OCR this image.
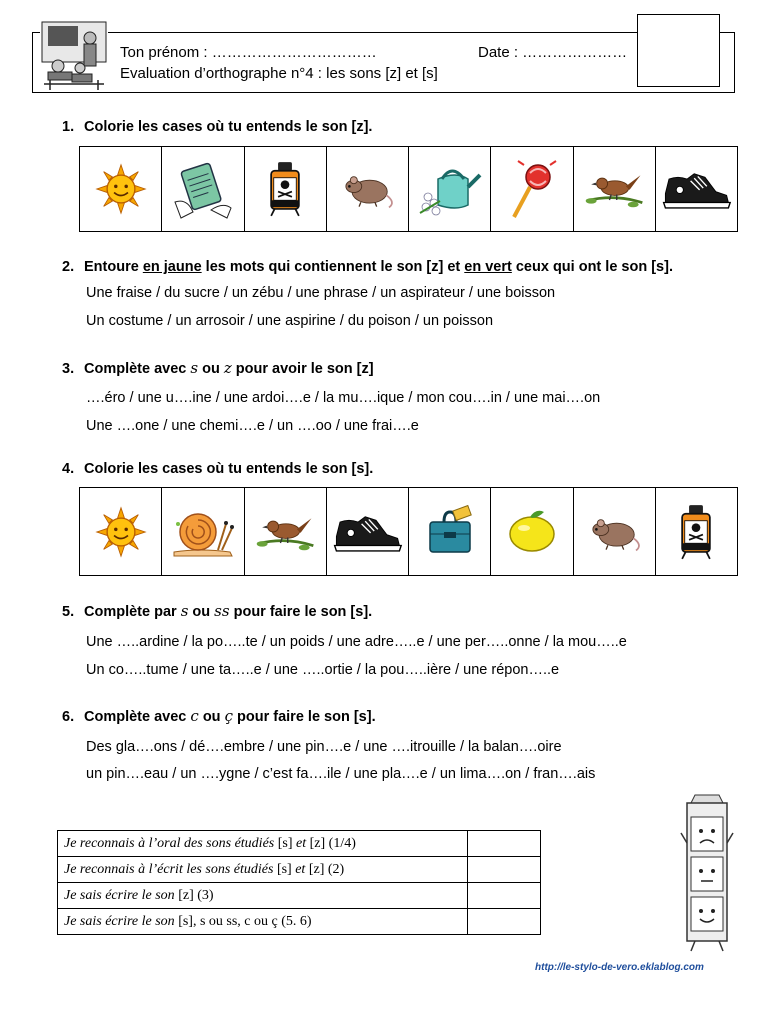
Ton prénom : ……………………………	Date : …………………
Evaluation d’orthographe n°4 : les sons [z] et [s]
1. Colorie les cases où tu entends le son [z].
2. Entoure en jaune les mots qui contiennent le son [z] et en vert ceux qui ont le son [s].
Une fraise / du sucre / un zébu / une phrase / un aspirateur / une boisson
Un costume / un arrosoir / une aspirine / du poison / un poisson
3. Complète avec s ou z pour avoir le son [z]
….éro / une u….ine / une ardoi….e / la mu….ique / mon cou….in / une mai….on
Une ….one / une chemi….e / un ….oo / une frai….e
4. Colorie les cases où tu entends le son [s].
5. Complète par s ou ss pour faire le son [s].
Une …..ardine / la po…..te / un poids / une adre…..e / une per…..onne / la mou…..e
Un co…..tume / une ta…..e / une …..ortie / la pou…..ière / une répon…..e
6. Complète avec c ou ç pour faire le son [s].
Des gla….ons / dé….embre / une pin….e / une ….itrouille / la balan….oire
un pin….eau / un ….ygne / c’est fa….ile / une pla….e / un lima….on / fran….ais
Je reconnais à l’oral des sons étudiés [s] et [z] (1/4)	
Je reconnais à l’écrit les sons étudiés [s] et [z] (2)	
Je sais écrire le son [z] (3)	
Je sais écrire le son [s], s ou ss, c ou ç (5. 6)	
http://le-stylo-de-vero.eklablog.com
